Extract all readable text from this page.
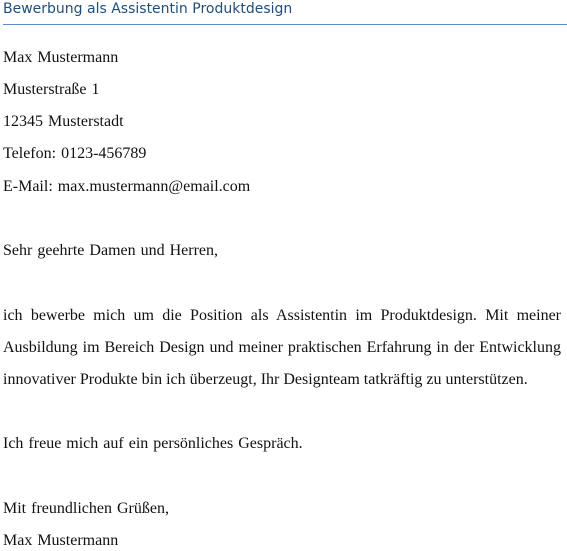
Bewerbung als Assistentin Produktdesign
Max Mustermann
Musterstraße 1
12345 Musterstadt
Telefon: 0123-456789
E-Mail: max.mustermann@email.com
Sehr geehrte Damen und Herren,
ich bewerbe mich um die Position als Assistentin im Produktdesign. Mit meiner
Ausbildung im Bereich Design und meiner praktischen Erfahrung in der Entwicklung
innovativer Produkte bin ich überzeugt, Ihr Designteam tatkräftig zu unterstützen.
Ich freue mich auf ein persönliches Gespräch.
Mit freundlichen Grüßen,
Max Mustermann
